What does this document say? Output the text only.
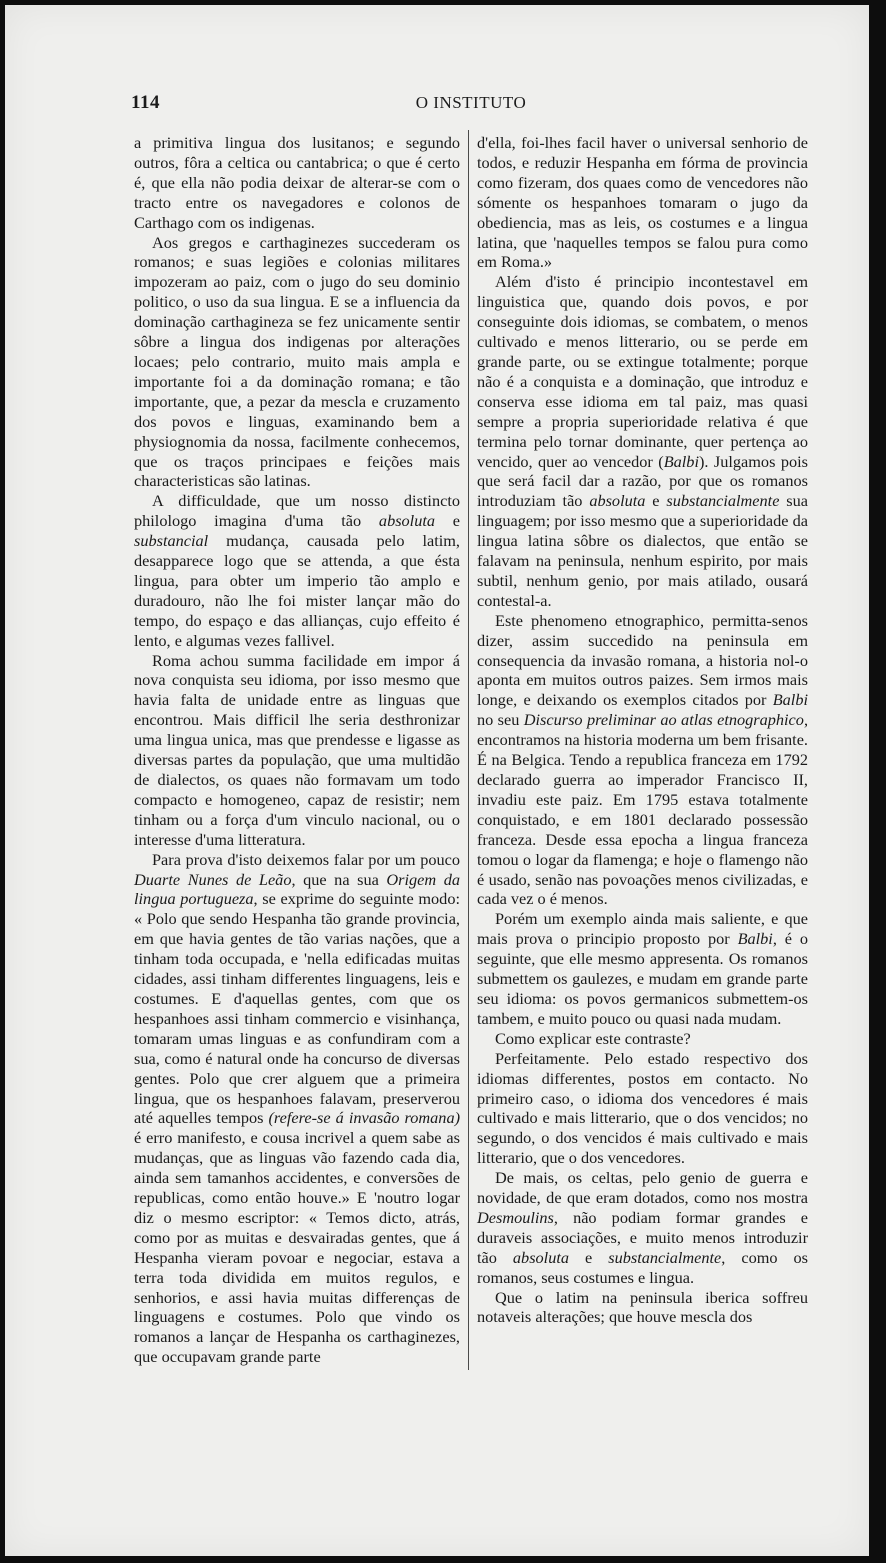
114	O INSTITUTO

a primitiva lingua dos lusitanos; e segundo outros, fôra a celtica ou cantabrica; o que é certo é, que ella não podia deixar de alterar-se com o tracto entre os navegadores e colonos de Carthago com os indigenas.

Aos gregos e carthaginezes succederam os romanos; e suas legiões e colonias militares impozeram ao paiz, com o jugo do seu dominio politico, o uso da sua lingua. E se a influencia da dominação carthagineza se fez unicamente sentir sôbre a lingua dos indigenas por alterações locaes; pelo contrario, muito mais ampla e importante foi a da dominação romana; e tão importante, que, a pezar da mescla e cruzamento dos povos e linguas, examinando bem a physiognomia da nossa, facilmente conhecemos, que os traços principaes e feições mais characteristicas são latinas.

A difficuldade, que um nosso distincto philologo imagina d'uma tão absoluta e substancial mudança, causada pelo latim, desapparece logo que se attenda, a que ésta lingua, para obter um imperio tão amplo e duradouro, não lhe foi mister lançar mão do tempo, do espaço e das allianças, cujo effeito é lento, e algumas vezes fallivel.

Roma achou summa facilidade em impor á nova conquista seu idioma, por isso mesmo que havia falta de unidade entre as linguas que encontrou. Mais difficil lhe seria desthronizar uma lingua unica, mas que prendesse e ligasse as diversas partes da população, que uma multidão de dialectos, os quaes não formavam um todo compacto e homogeneo, capaz de resistir; nem tinham ou a força d'um vinculo nacional, ou o interesse d'uma litteratura.

Para prova d'isto deixemos falar por um pouco Duarte Nunes de Leão, que na sua Origem da lingua portugueza, se exprime do seguinte modo: « Polo que sendo Hespanha tão grande provincia, em que havia gentes de tão varias nações, que a tinham toda occupada, e 'nella edificadas muitas cidades, assi tinham differentes linguagens, leis e costumes. E d'aquellas gentes, com que os hespanhoes assi tinham commercio e visinhança, tomaram umas linguas e as confundiram com a sua, como é natural onde ha concurso de diversas gentes. Polo que crer alguem que a primeira lingua, que os hespanhoes falavam, preserverou até aquelles tempos (refere-se á invasão romana) é erro manifesto, e cousa incrivel a quem sabe as mudanças, que as linguas vão fazendo cada dia, ainda sem tamanhos accidentes, e conversões de republicas, como então houve.» E 'noutro logar diz o mesmo escriptor: « Temos dicto, atrás, como por as muitas e desvairadas gentes, que á Hespanha vieram povoar e negociar, estava a terra toda dividida em muitos regulos, e senhorios, e assi havia muitas differenças de linguagens e costumes. Polo que vindo os romanos a lançar de Hespanha os carthaginezes, que occupavam grande parte

d'ella, foi-lhes facil haver o universal senhorio de todos, e reduzir Hespanha em fórma de provincia como fizeram, dos quaes como de vencedores não sómente os hespanhoes tomaram o jugo da obediencia, mas as leis, os costumes e a lingua latina, que 'naquelles tempos se falou pura como em Roma.»

Além d'isto é principio incontestavel em linguistica que, quando dois povos, e por conseguinte dois idiomas, se combatem, o menos cultivado e menos litterario, ou se perde em grande parte, ou se extingue totalmente; porque não é a conquista e a dominação, que introduz e conserva esse idioma em tal paiz, mas quasi sempre a propria superioridade relativa é que termina pelo tornar dominante, quer pertença ao vencido, quer ao vencedor (Balbi). Julgamos pois que será facil dar a razão, por que os romanos introduziam tão absoluta e substancialmente sua linguagem; por isso mesmo que a superioridade da lingua latina sôbre os dialectos, que então se falavam na peninsula, nenhum espirito, por mais subtil, nenhum genio, por mais atilado, ousará contestal-a.

Este phenomeno etnographico, permitta-senos dizer, assim succedido na peninsula em consequencia da invasão romana, a historia nol-o aponta em muitos outros paizes. Sem irmos mais longe, e deixando os exemplos citados por Balbi no seu Discurso preliminar ao atlas etnographico, encontramos na historia moderna um bem frisante. É na Belgica. Tendo a republica franceza em 1792 declarado guerra ao imperador Francisco II, invadiu este paiz. Em 1795 estava totalmente conquistado, e em 1801 declarado possessão franceza. Desde essa epocha a lingua franceza tomou o logar da flamenga; e hoje o flamengo não é usado, senão nas povoações menos civilizadas, e cada vez o é menos.

Porém um exemplo ainda mais saliente, e que mais prova o principio proposto por Balbi, é o seguinte, que elle mesmo appresenta. Os romanos submettem os gaulezes, e mudam em grande parte seu idioma: os povos germanicos submettem-os tambem, e muito pouco ou quasi nada mudam.

Como explicar este contraste?

Perfeitamente. Pelo estado respectivo dos idiomas differentes, postos em contacto. No primeiro caso, o idioma dos vencedores é mais cultivado e mais litterario, que o dos vencidos; no segundo, o dos vencidos é mais cultivado e mais litterario, que o dos vencedores.

De mais, os celtas, pelo genio de guerra e novidade, de que eram dotados, como nos mostra Desmoulins, não podiam formar grandes e duraveis associações, e muito menos introduzir tão absoluta e substancialmente, como os romanos, seus costumes e lingua.

Que o latim na peninsula iberica soffreu notaveis alterações; que houve mescla dos
